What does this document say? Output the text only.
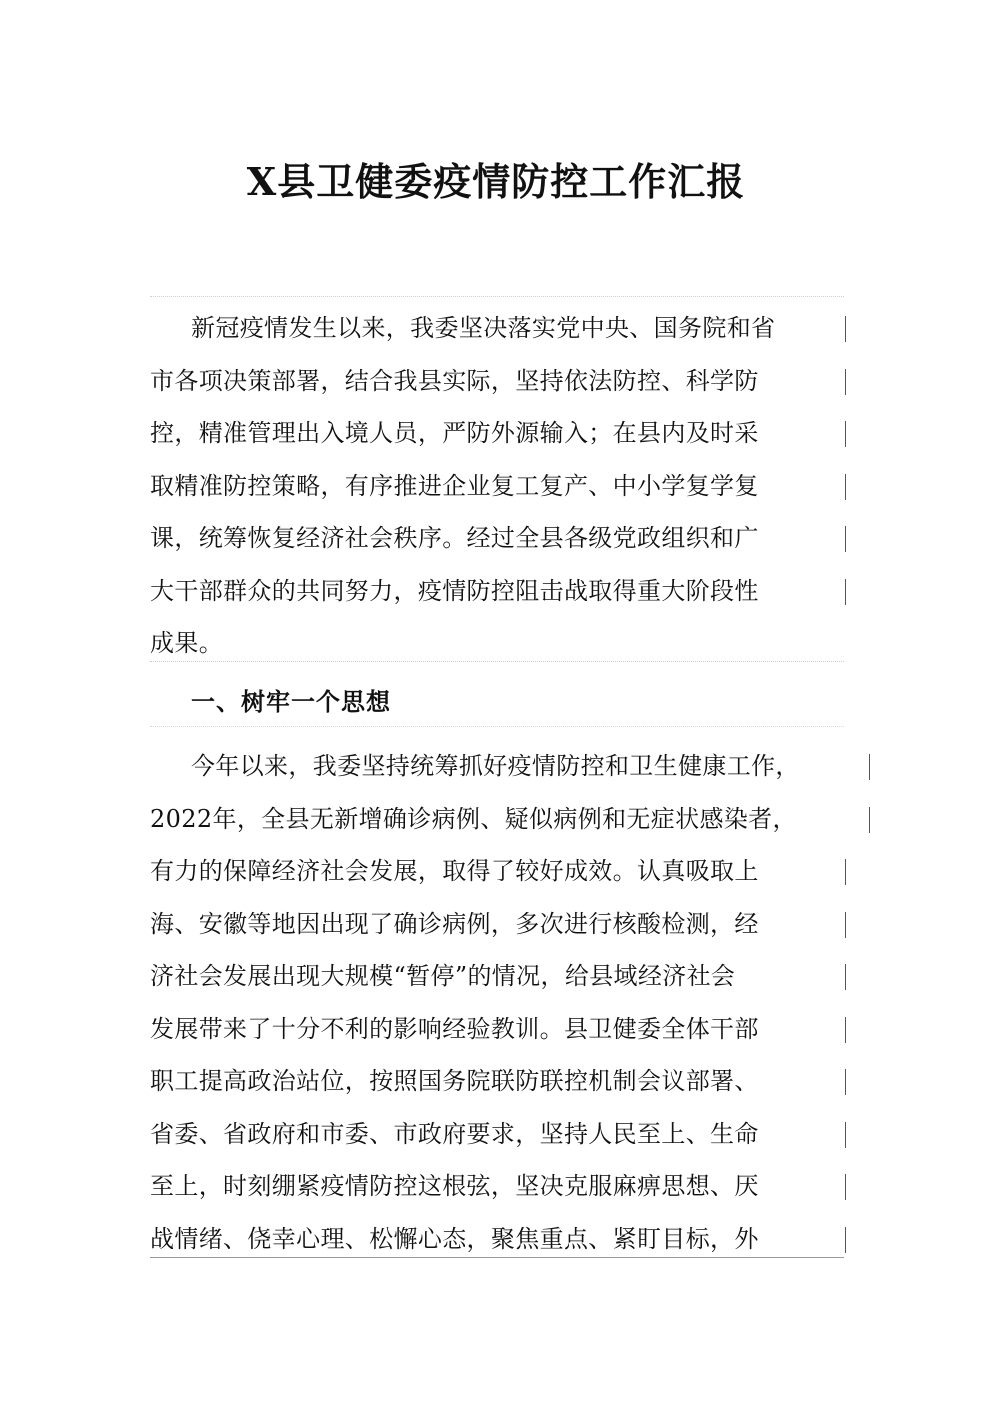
X县卫健委疫情防控工作汇报
新冠疫情发生以来，我委坚决落实党中央、国务院和省
市各项决策部署，结合我县实际，坚持依法防控、科学防
控，精准管理出入境人员，严防外源输入；在县内及时采
取精准防控策略，有序推进企业复工复产、中小学复学复
课，统筹恢复经济社会秩序。经过全县各级党政组织和广
大干部群众的共同努力，疫情防控阻击战取得重大阶段性
成果。
一、树牢一个思想
今年以来，我委坚持统筹抓好疫情防控和卫生健康工作，
2022年，全县无新增确诊病例、疑似病例和无症状感染者，
有力的保障经济社会发展，取得了较好成效。认真吸取上
海、安徽等地因出现了确诊病例，多次进行核酸检测，经
济社会发展出现大规模“暂停”的情况，给县域经济社会
发展带来了十分不利的影响经验教训。县卫健委全体干部
职工提高政治站位，按照国务院联防联控机制会议部署、
省委、省政府和市委、市政府要求，坚持人民至上、生命
至上，时刻绷紧疫情防控这根弦，坚决克服麻痹思想、厌
战情绪、侥幸心理、松懈心态，聚焦重点、紧盯目标，外
